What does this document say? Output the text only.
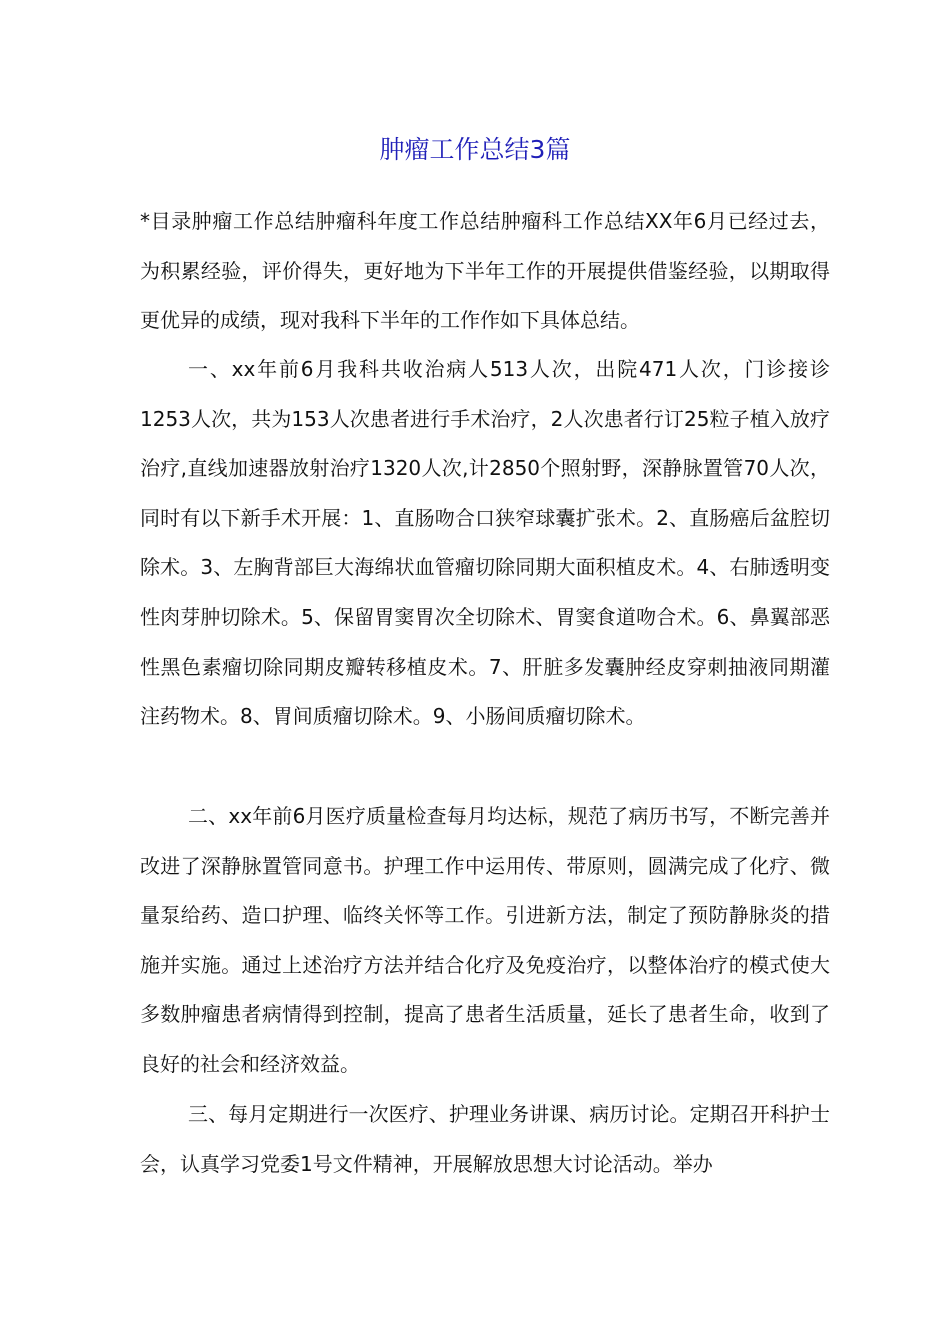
肿瘤工作总结3篇

*目录肿瘤工作总结肿瘤科年度工作总结肿瘤科工作总结XX年6月已经过去，为积累经验，评价得失，更好地为下半年工作的开展提供借鉴经验，以期取得更优异的成绩，现对我科下半年的工作作如下具体总结。

一、xx年前6月我科共收治病人513人次，出院471人次，门诊接诊1253人次，共为153人次患者进行手术治疗，2人次患者行订25粒子植入放疗治疗,直线加速器放射治疗1320人次,计2850个照射野，深静脉置管70人次，同时有以下新手术开展：1、直肠吻合口狭窄球囊扩张术。2、直肠癌后盆腔切除术。3、左胸背部巨大海绵状血管瘤切除同期大面积植皮术。4、右肺透明变性肉芽肿切除术。5、保留胃窦胃次全切除术、胃窦食道吻合术。6、鼻翼部恶性黑色素瘤切除同期皮瓣转移植皮术。7、肝脏多发囊肿经皮穿刺抽液同期灌注药物术。8、胃间质瘤切除术。9、小肠间质瘤切除术。

二、xx年前6月医疗质量检查每月均达标，规范了病历书写，不断完善并改进了深静脉置管同意书。护理工作中运用传、带原则，圆满完成了化疗、微量泵给药、造口护理、临终关怀等工作。引进新方法，制定了预防静脉炎的措施并实施。通过上述治疗方法并结合化疗及免疫治疗，以整体治疗的模式使大多数肿瘤患者病情得到控制，提高了患者生活质量，延长了患者生命，收到了良好的社会和经济效益。

三、每月定期进行一次医疗、护理业务讲课、病历讨论。定期召开科护士会，认真学习党委1号文件精神，开展解放思想大讨论活动。举办
